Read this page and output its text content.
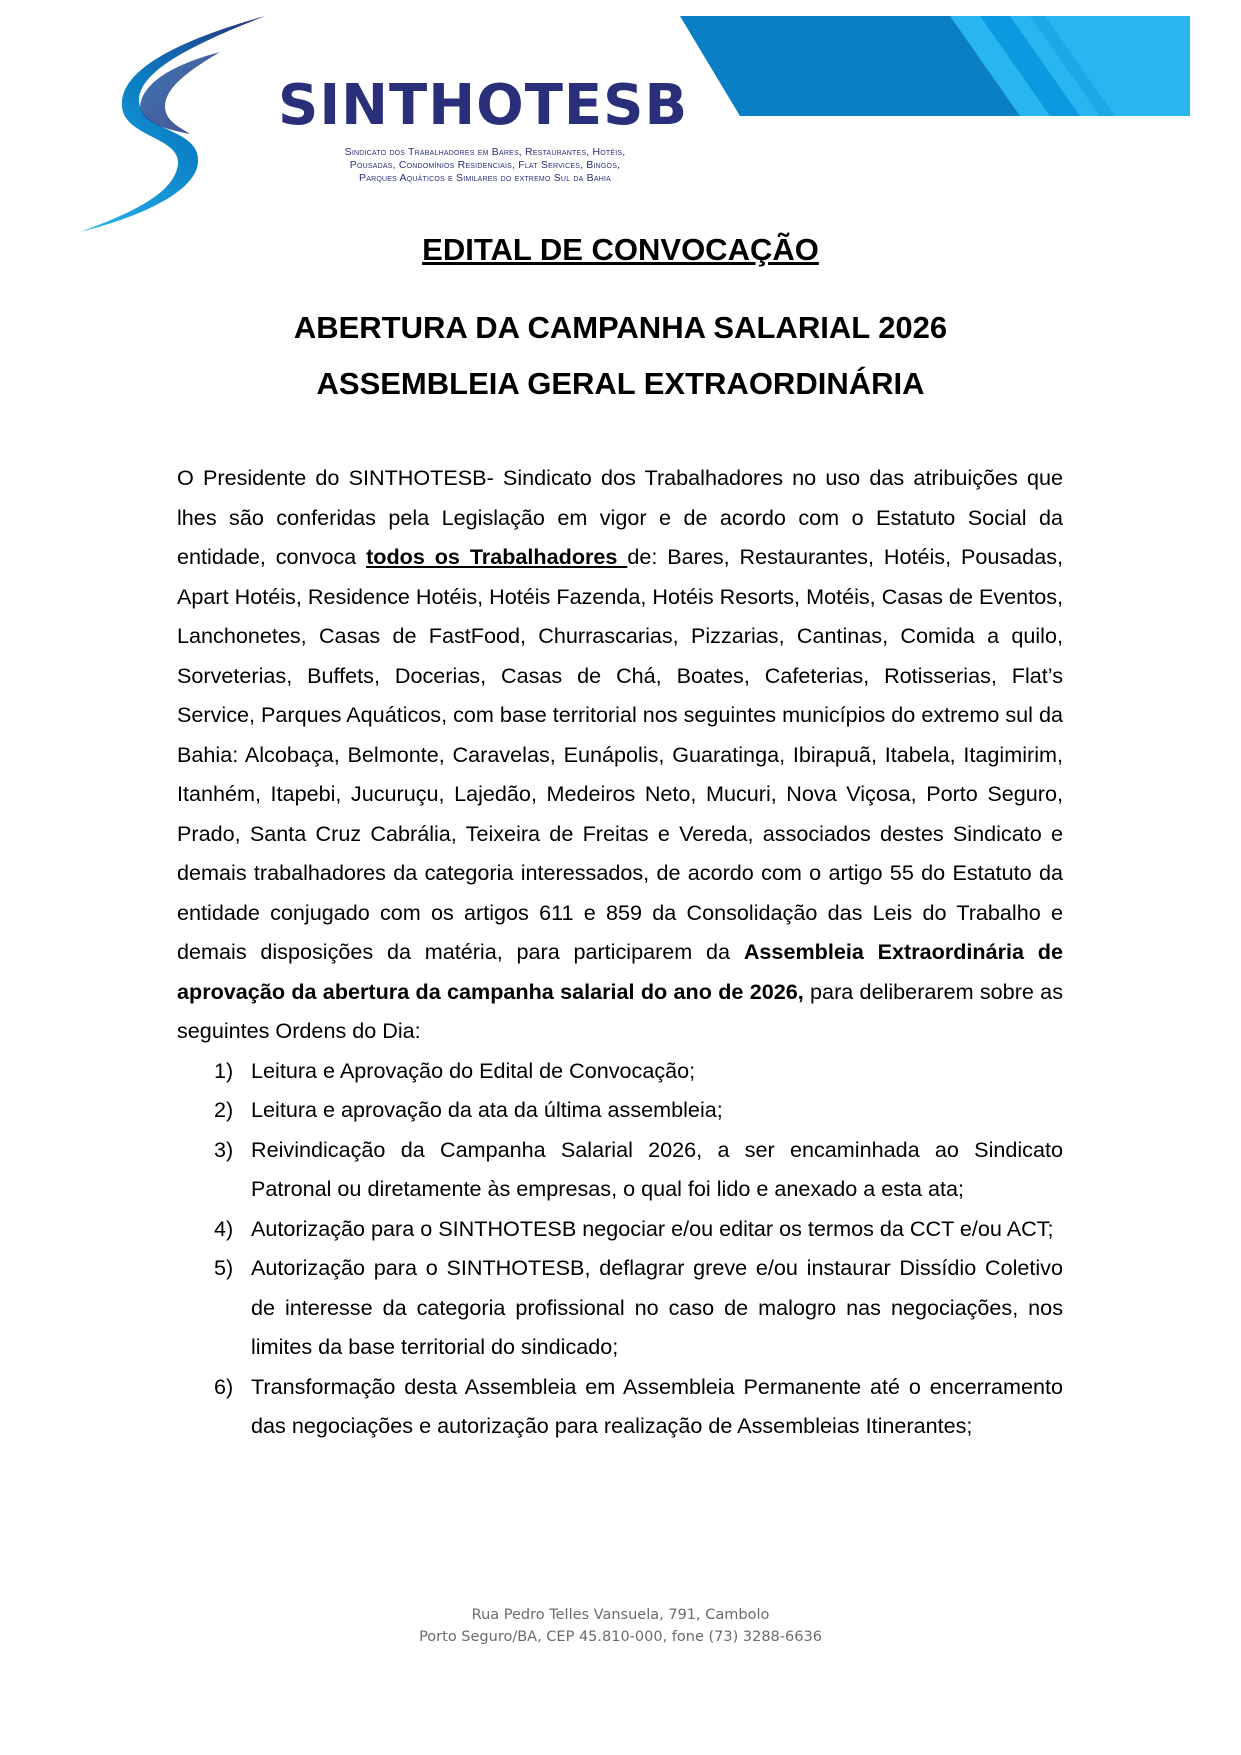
SINTHOTESB
Sindicato dos Trabalhadores em Bares, Restaurantes, Hotéis,
Pousadas, Condomínios Residenciais, Flat Services, Bingos,
Parques Aquáticos e Similares do extremo Sul da Bahia
EDITAL DE CONVOCAÇÃO
ABERTURA DA CAMPANHA SALARIAL 2026
ASSEMBLEIA GERAL EXTRAORDINÁRIA

O Presidente do SINTHOTESB- Sindicato dos Trabalhadores no uso das atribuições que lhes são conferidas pela Legislação em vigor e de acordo com o Estatuto Social da entidade, convoca todos os Trabalhadores de: Bares, Restaurantes, Hotéis, Pousadas, Apart Hotéis, Residence Hotéis, Hotéis Fazenda, Hotéis Resorts, Motéis, Casas de Eventos, Lanchonetes, Casas de FastFood, Churrascarias, Pizzarias, Cantinas, Comida a quilo, Sorveterias, Buffets, Docerias, Casas de Chá, Boates, Cafeterias, Rotisserias, Flat’s Service, Parques Aquáticos, com base territorial nos seguintes municípios do extremo sul da Bahia: Alcobaça, Belmonte, Caravelas, Eunápolis, Guaratinga, Ibirapuã, Itabela, Itagimirim, Itanhém, Itapebi, Jucuruçu, Lajedão, Medeiros Neto, Mucuri, Nova Viçosa, Porto Seguro, Prado, Santa Cruz Cabrália, Teixeira de Freitas e Vereda, associados destes Sindicato e demais trabalhadores da categoria interessados, de acordo com o artigo 55 do Estatuto da entidade conjugado com os artigos 611 e 859 da Consolidação das Leis do Trabalho e demais disposições da matéria, para participarem da Assembleia Extraordinária de aprovação da abertura da campanha salarial do ano de 2026, para deliberarem sobre as seguintes Ordens do Dia:

1) Leitura e Aprovação do Edital de Convocação;
2) Leitura e aprovação da ata da última assembleia;
3) Reivindicação da Campanha Salarial 2026, a ser encaminhada ao Sindicato Patronal ou diretamente às empresas, o qual foi lido e anexado a esta ata;
4) Autorização para o SINTHOTESB negociar e/ou editar os termos da CCT e/ou ACT;
5) Autorização para o SINTHOTESB, deflagrar greve e/ou instaurar Dissídio Coletivo de interesse da categoria profissional no caso de malogro nas negociações, nos limites da base territorial do sindicado;
6) Transformação desta Assembleia em Assembleia Permanente até o encerramento das negociações e autorização para realização de Assembleias Itinerantes;
Rua Pedro Telles Vansuela, 791, Cambolo
Porto Seguro/BA, CEP 45.810-000, fone (73) 3288-6636
